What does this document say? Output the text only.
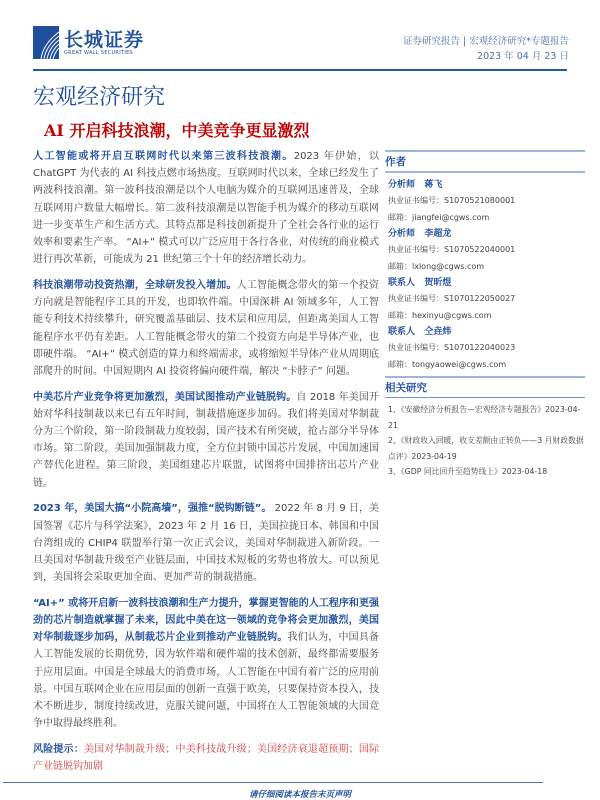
长城证券
GREAT WALL SECURITIES
证券研究报告 | 宏观经济研究*专题报告
2023 年 04 月 23 日
宏观经济研究
AI 开启科技浪潮，中美竞争更显激烈

人工智能或将开启互联网时代以来第三波科技浪潮。2023 年伊始，以 ChatGPT 为代表的 AI 科技点燃市场热度。互联网时代以来，全球已经发生了两波科技浪潮。第一波科技浪潮是以个人电脑为媒介的互联网迅速普及，全球互联网用户数量大幅增长。第二波科技浪潮是以智能手机为媒介的移动互联网进一步变革生产和生活方式。其特点都是科技创新提升了全社会各行业的运行效率和要素生产率。 “AI+” 模式可以广泛应用于各行各业，对传统的商业模式进行再次革新，可能成为 21 世纪第三个十年的经济增长动力。

科技浪潮带动投资热潮，全球研发投入增加。人工智能概念带火的第一个投资方向就是智能程序工具的开发，也即软件端。中国深耕 AI 领域多年，人工智能专利技术持续攀升，研究覆盖基础层、技术层和应用层，但距离美国人工智能程序水平仍有差距。人工智能概念带火的第二个投资方向是半导体产业，也即硬件端。 “AI+” 模式创造的算力和终端需求，或将缩短半导体产业从周期底部爬升的时间。中国短期内 AI 投资将偏向硬件端，解决 “卡脖子” 问题。

中美芯片产业竞争将更加激烈，美国试图推动产业链脱钩。自 2018 年美国开始对华科技制裁以来已有五年时间，制裁措施逐步加码。我们将美国对华制裁分为三个阶段，第一阶段制裁力度较弱，国产技术有所突破，抢占部分半导体市场。第二阶段，美国加强制裁力度，全方位封锁中国芯片发展，中国加速国产替代化进程。第三阶段，美国组建芯片联盟，试图将中国排挤出芯片产业链。

2023 年，美国大搞“小院高墙”，强推“脱钩断链”。 2022 年 8 月 9 日，美国签署《芯片与科学法案》，2023 年 2 月 16 日，美国拉拢日本、韩国和中国台湾组成的 CHIP4 联盟举行第一次正式会议，美国对华制裁进入新阶段。一旦美国对华制裁升级至产业链层面，中国技术短板的劣势也将放大。可以预见到，美国将会采取更加全面、更加严苛的制裁措施。

“AI+” 或将开启新一波科技浪潮和生产力提升，掌握更智能的人工程序和更强劲的芯片制造就掌握了未来，因此中美在这一领域的竞争将会更加激烈，美国对华制裁逐步加码，从制裁芯片企业到推动产业链脱钩。我们认为，中国具备人工智能发展的长期优势，因为软件端和硬件端的技术创新，最终都需要服务于应用层面。中国是全球最大的消费市场，人工智能在中国有着广泛的应用前景。中国互联网企业在应用层面的创新一直强于欧美，只要保持资本投入，技术不断进步，制度持续改进，克服关键问题，中国将在人工智能领域的大国竞争中取得最终胜利。

风险提示：美国对华制裁升级；中美科技战升级；美国经济衰退超预期；国际产业链脱钩加剧

作者
分析师 蒋飞
执业证书编号：S1070521080001
邮箱：jiangfei@cgws.com
分析师 李超龙
执业证书编号：S1070522040001
邮箱：lxlong@cgws.com
联系人 贺昕煜
执业证书编号：S1070122050027
邮箱：hexinyu@cgws.com
联系人 仝垚炜
执业证书编号：S1070122040023
邮箱：tongyaowei@cgws.com
相关研究
1、《安徽经济分析报告—宏观经济专题报告》2023-04-21
2、《财政收入回暖，收支差额由正转负——3 月财政数据点评》2023-04-19
3、《GDP 同比回升至趋势线上》2023-04-18
请仔细阅读本报告末页声明
